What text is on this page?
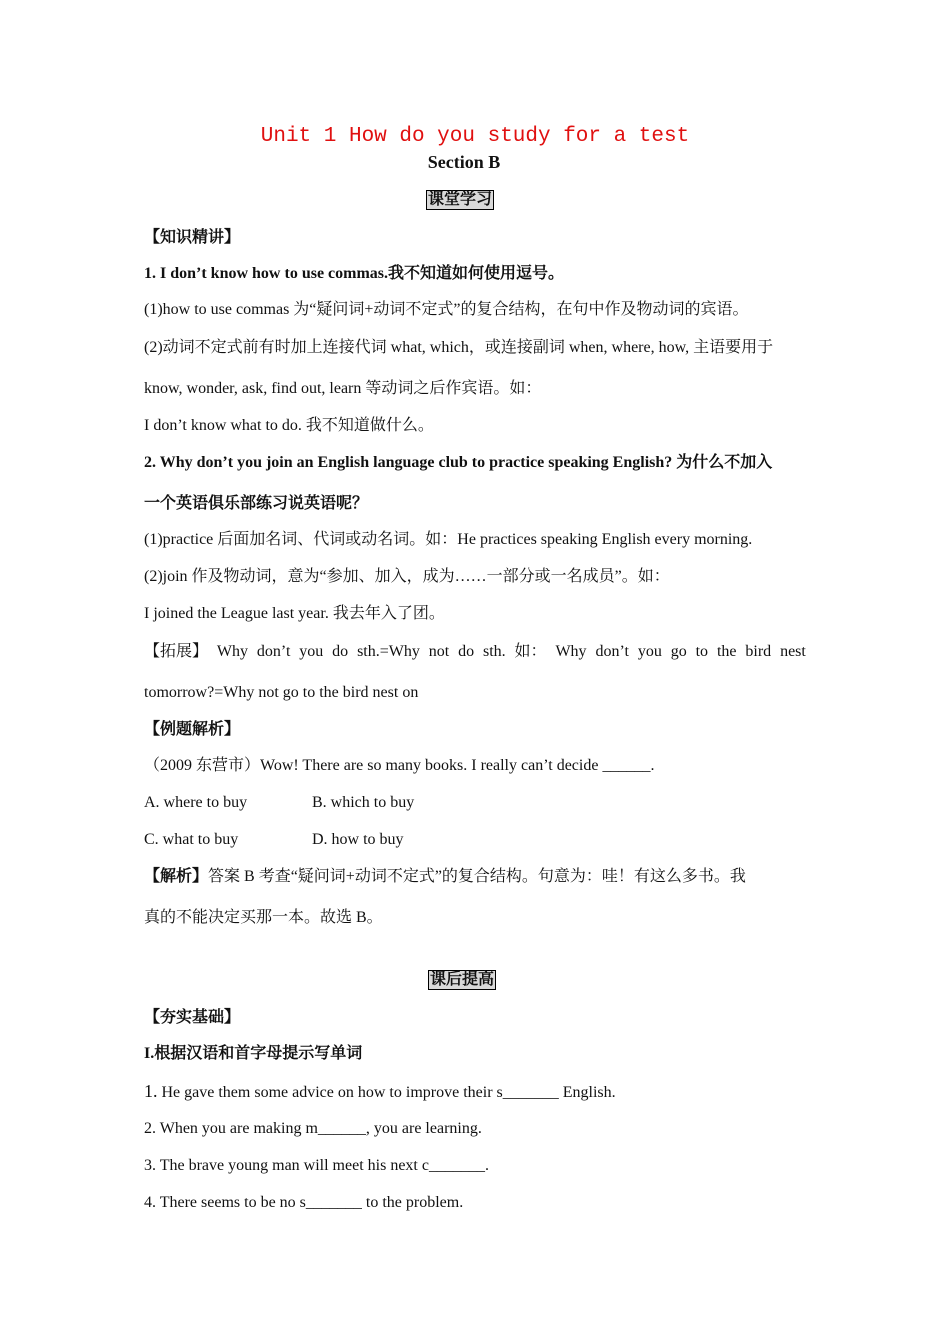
Unit 1 How do you study for a test
Section B
课堂学习
【知识精讲】
1. I don’t know how to use commas.我不知道如何使用逗号。
(1)how to use commas 为“疑问词+动词不定式”的复合结构，在句中作及物动词的宾语。
(2)动词不定式前有时加上连接代词 what, which，或连接副词 when, where, how, 主语要用于
know, wonder, ask, find out, learn 等动词之后作宾语。如：
I don’t know what to do. 我不知道做什么。
2. Why don’t you join an English language club to practice speaking English? 为什么不加入
一个英语俱乐部练习说英语呢？
(1)practice 后面加名词、代词或动名词。如：He practices speaking English every morning.
(2)join 作及物动词，意为“参加、加入，成为……一部分或一名成员”。如：
I joined the League last year. 我去年入了团。
【拓展】 Why don’t you do sth.=Why not do sth. 如： Why don’t you go to the bird nest
tomorrow?=Why not go to the bird nest on
【例题解析】
（2009 东营市）Wow! There are so many books. I really can’t decide ______.
A. where to buy	B. which to buy
C. what to buy	D. how to buy
【解析】答案 B 考查“疑问词+动词不定式”的复合结构。句意为：哇！有这么多书。我
真的不能决定买那一本。故选 B。
课后提高
【夯实基础】
I.根据汉语和首字母提示写单词
1. He gave them some advice on how to improve their s_______ English.
2. When you are making m______, you are learning.
3. The brave young man will meet his next c_______.
4. There seems to be no s_______ to the problem.
